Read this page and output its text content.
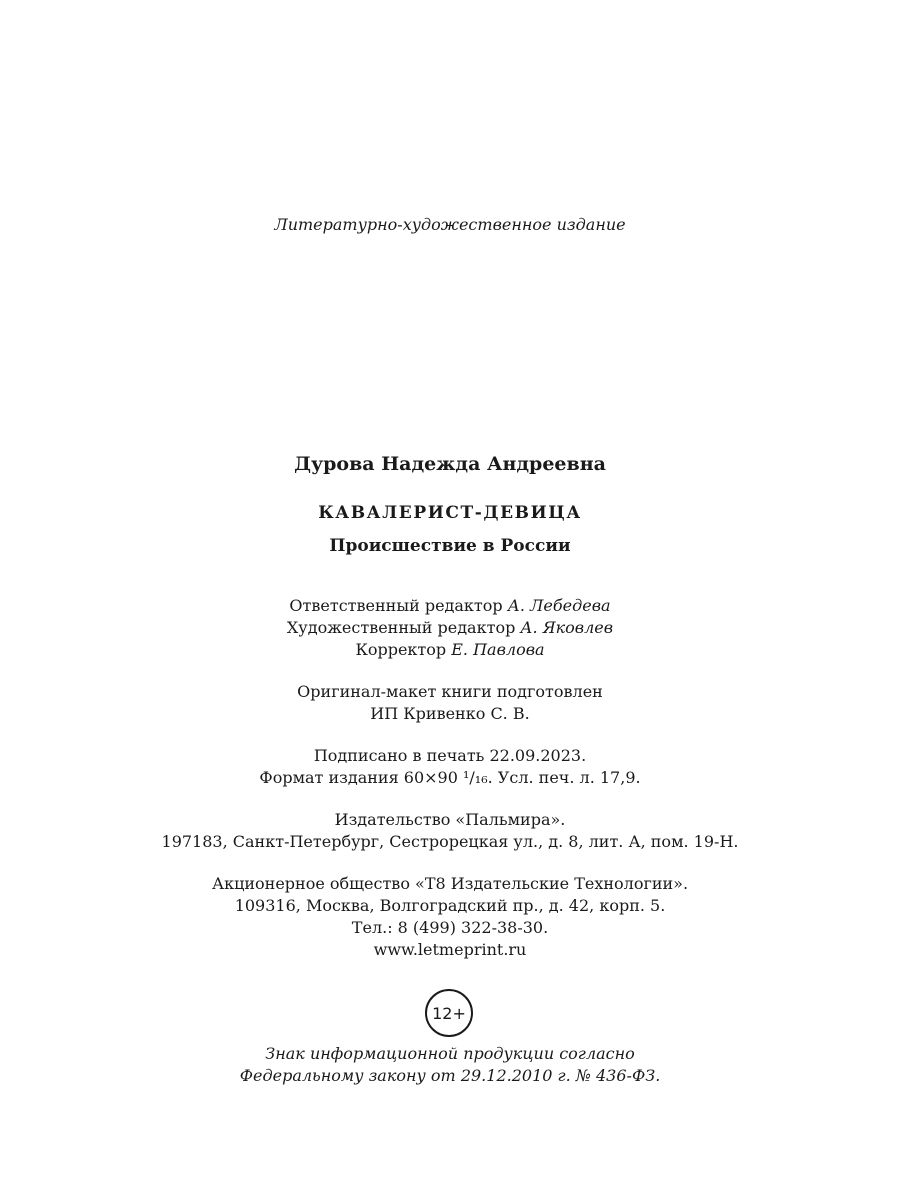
Литературно-художественное издание
Дурова Надежда Андреевна
КАВАЛЕРИСТ-ДЕВИЦА
Происшествие в России
Ответственный редактор А. Лебедева
Художественный редактор А. Яковлев
Корректор Е. Павлова
Оригинал-макет книги подготовлен
ИП Кривенко С. В.
Подписано в печать 22.09.2023.
Формат издания 60×90 ¹/₁₆. Усл. печ. л. 17,9.
Издательство «Пальмира».
197183, Санкт-Петербург, Сестрорецкая ул., д. 8, лит. А, пом. 19-Н.
Акционерное общество «Т8 Издательские Технологии».
109316, Москва, Волгоградский пр., д. 42, корп. 5.
Тел.: 8 (499) 322-38-30.
www.letmeprint.ru
12+
Знак информационной продукции согласно
Федеральному закону от 29.12.2010 г. № 436-ФЗ.
